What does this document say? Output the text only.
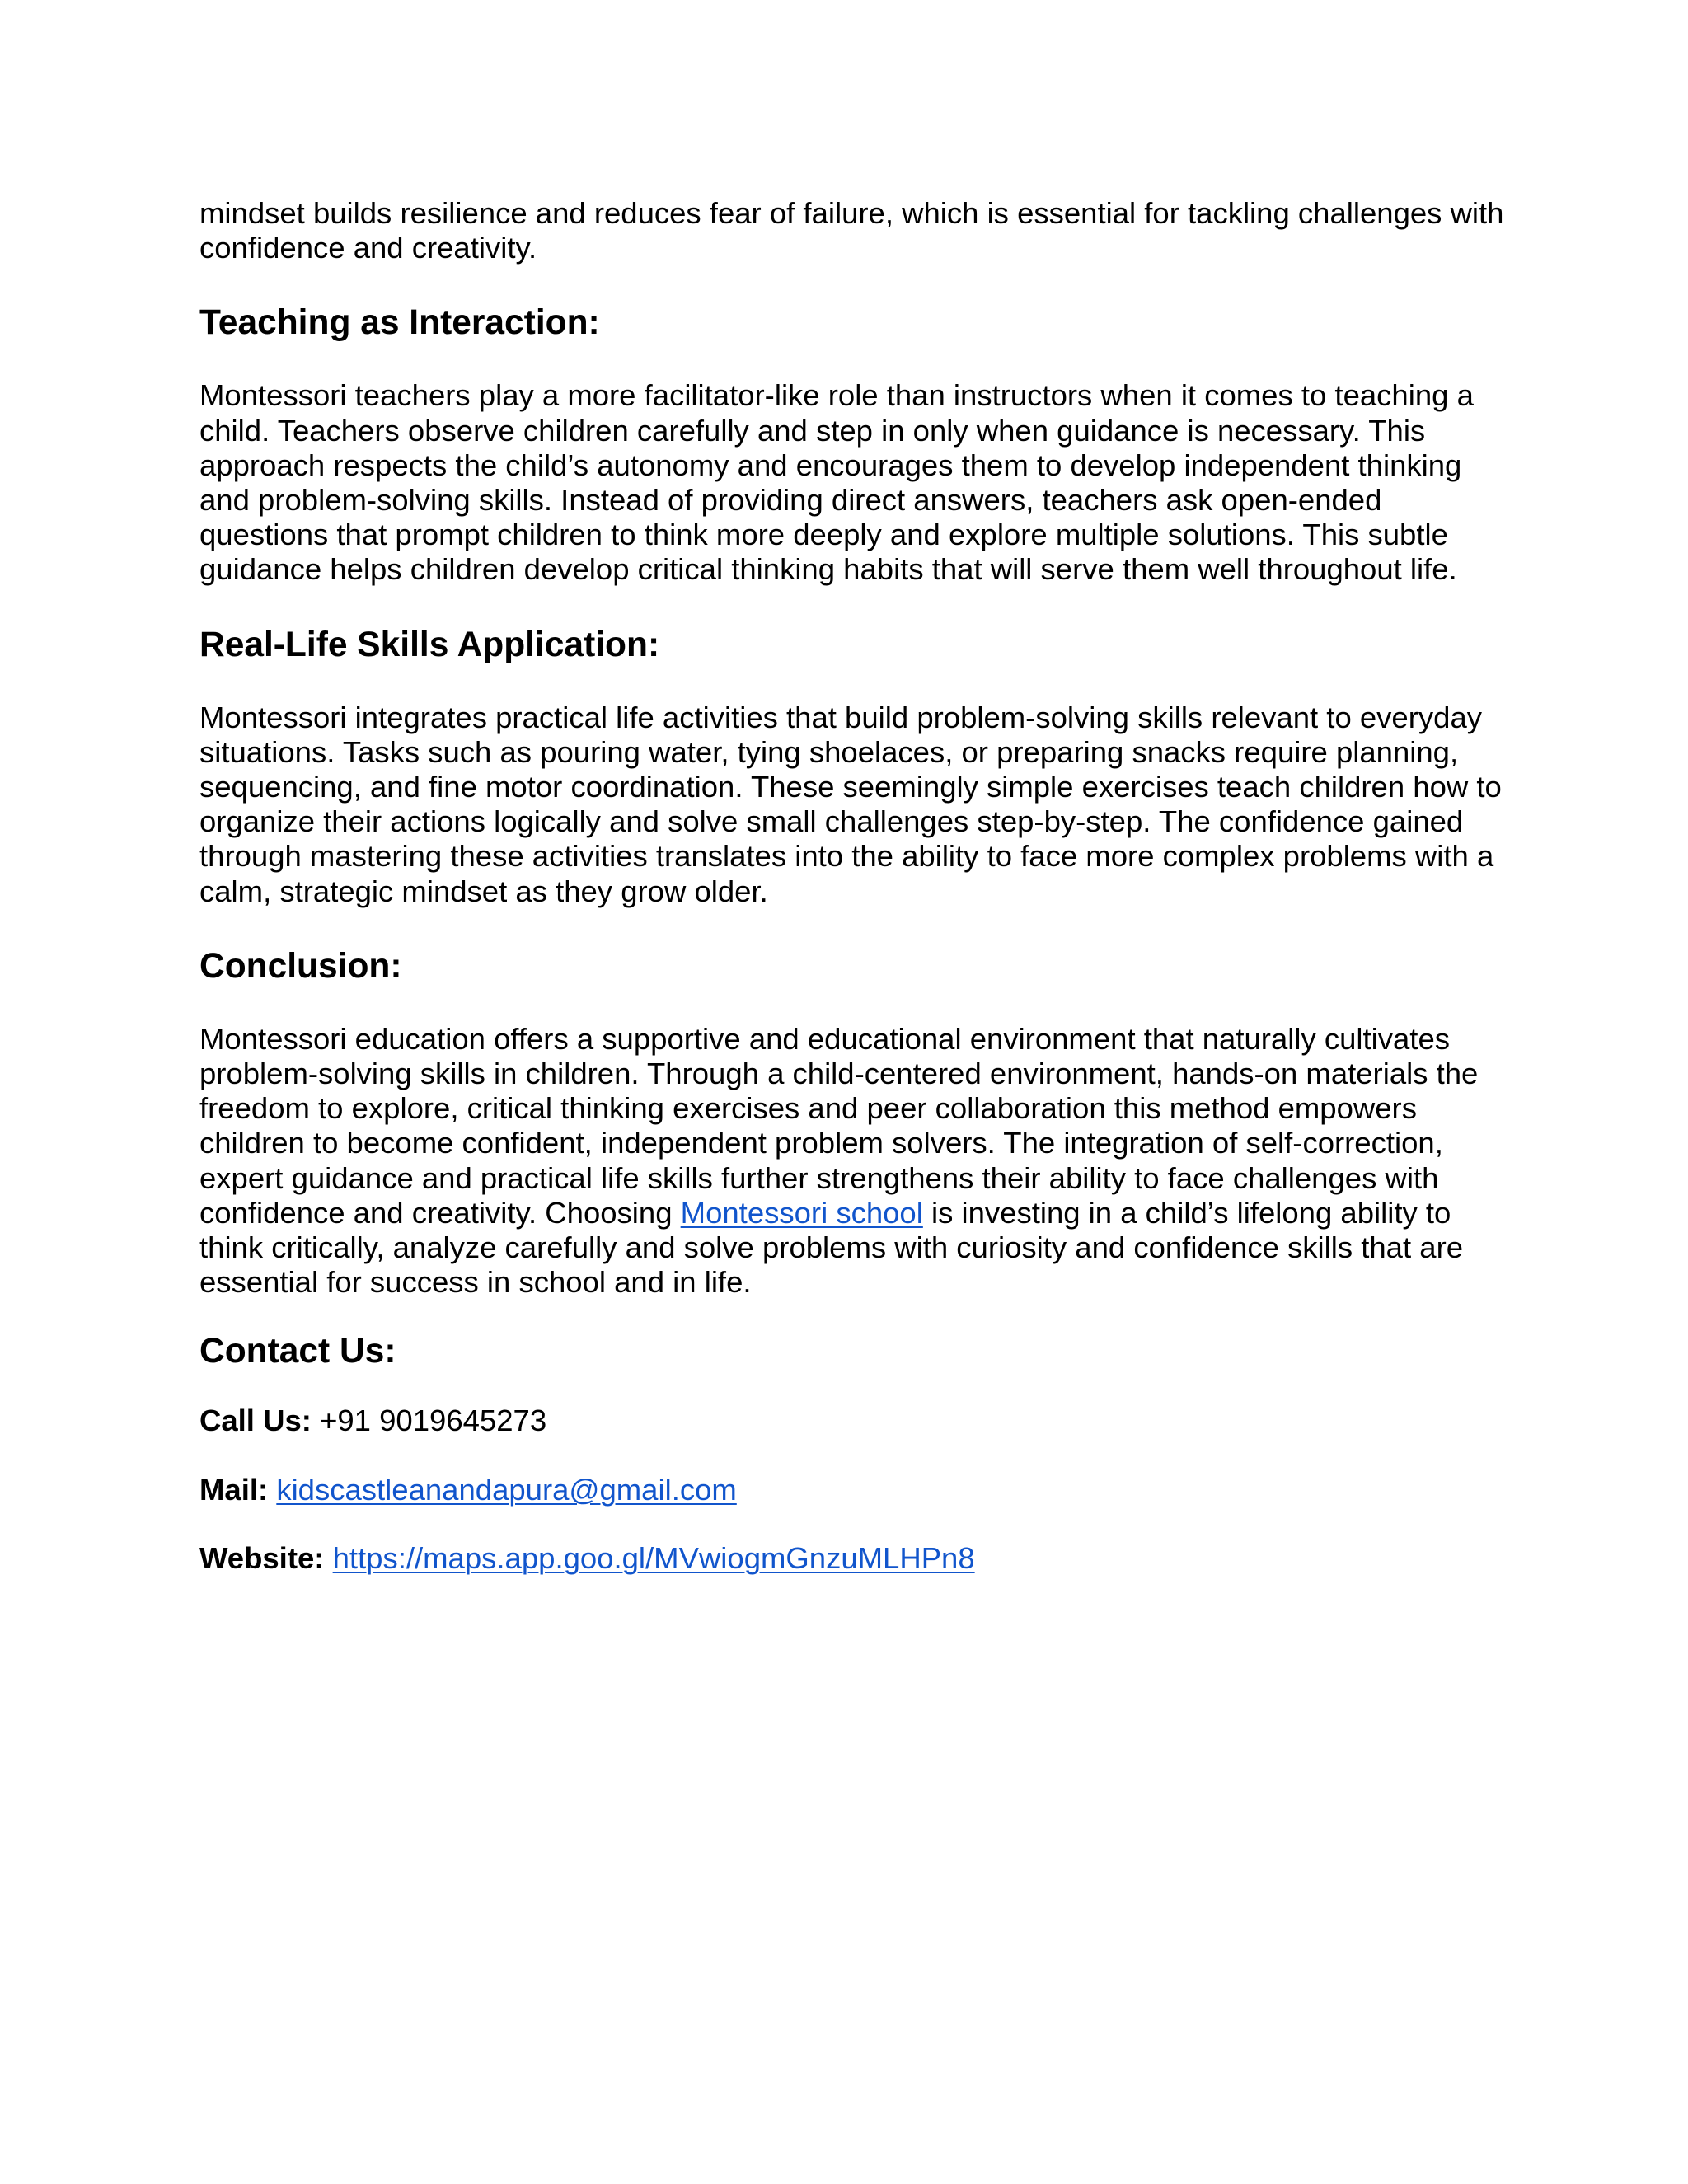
mindset builds resilience and reduces fear of failure, which is essential for tackling challenges with confidence and creativity.

Teaching as Interaction:

Montessori teachers play a more facilitator-like role than instructors when it comes to teaching a child. Teachers observe children carefully and step in only when guidance is necessary. This approach respects the child’s autonomy and encourages them to develop independent thinking and problem-solving skills. Instead of providing direct answers, teachers ask open-ended questions that prompt children to think more deeply and explore multiple solutions. This subtle guidance helps children develop critical thinking habits that will serve them well throughout life.

Real-Life Skills Application:

Montessori integrates practical life activities that build problem-solving skills relevant to everyday situations. Tasks such as pouring water, tying shoelaces, or preparing snacks require planning, sequencing, and fine motor coordination. These seemingly simple exercises teach children how to organize their actions logically and solve small challenges step-by-step. The confidence gained through mastering these activities translates into the ability to face more complex problems with a calm, strategic mindset as they grow older.

Conclusion:

Montessori education offers a supportive and educational environment that naturally cultivates problem-solving skills in children. Through a child-centered environment, hands-on materials the freedom to explore, critical thinking exercises and peer collaboration this method empowers children to become confident, independent problem solvers. The integration of self-correction, expert guidance and practical life skills further strengthens their ability to face challenges with confidence and creativity. Choosing Montessori school is investing in a child’s lifelong ability to think critically, analyze carefully and solve problems with curiosity and confidence skills that are essential for success in school and in life.

Contact Us:

Call Us: +91 9019645273

Mail: kidscastleanandapura@gmail.com

Website: https://maps.app.goo.gl/MVwiogmGnzuMLHPn8
